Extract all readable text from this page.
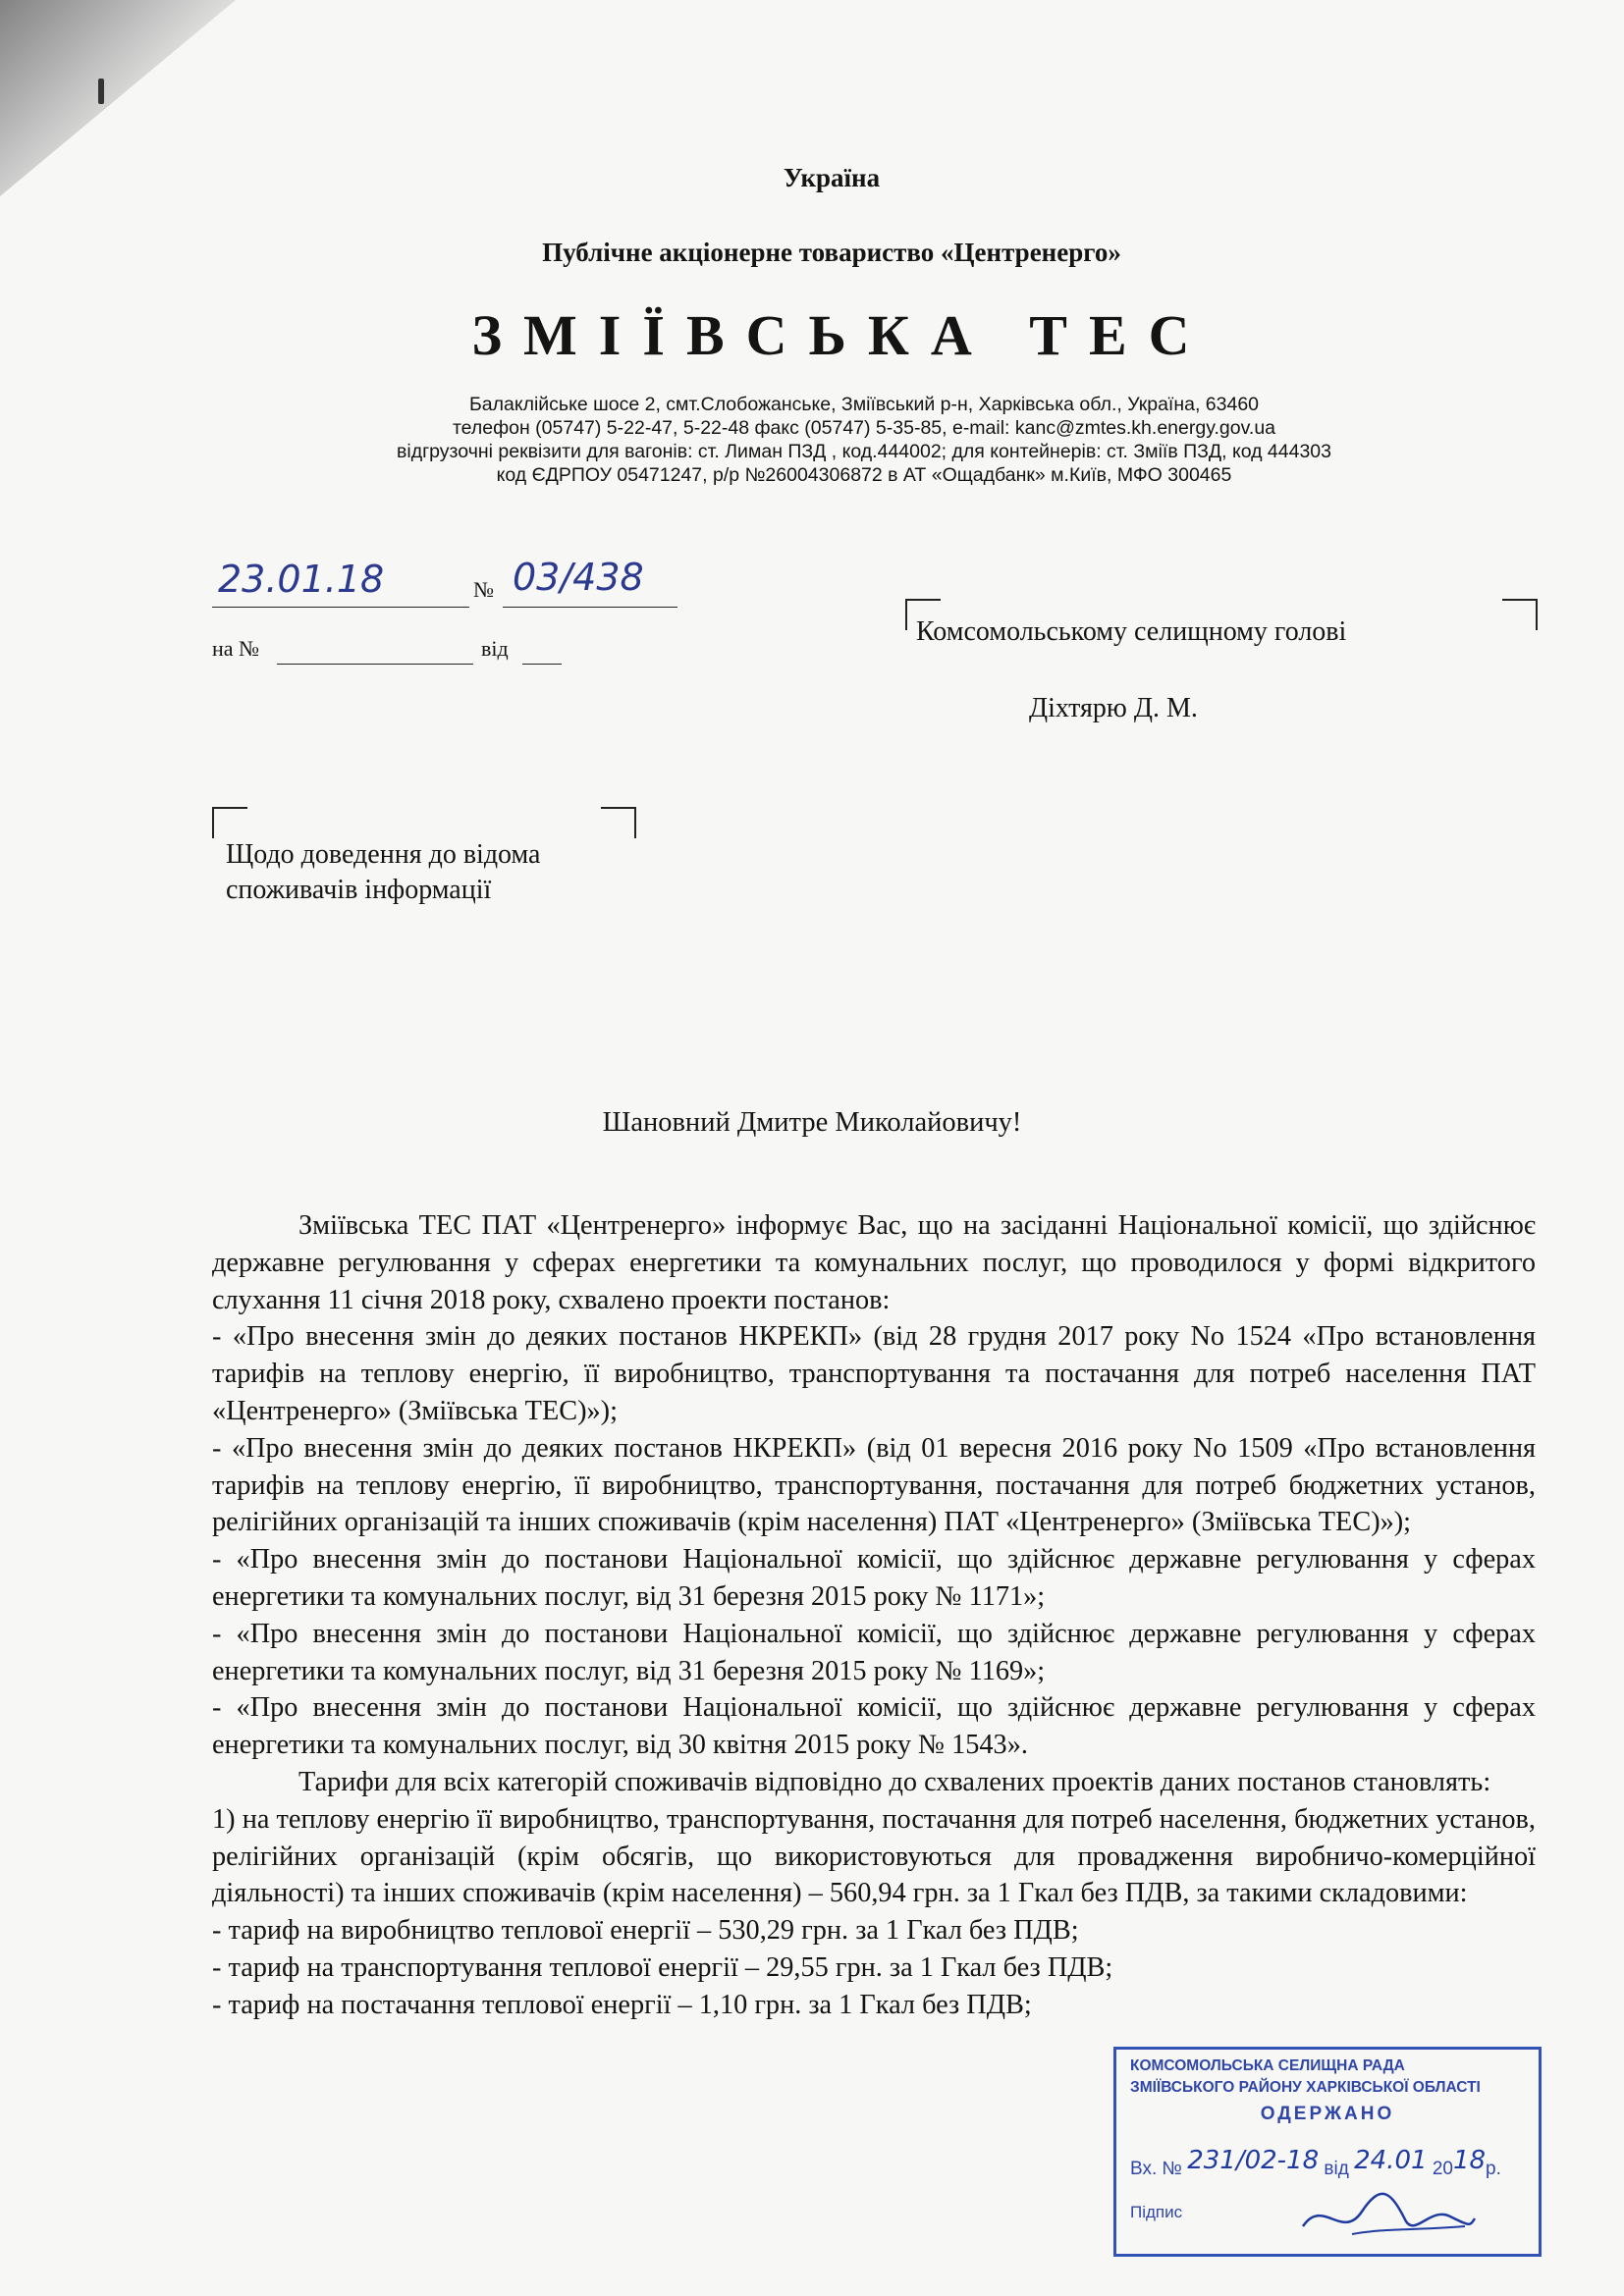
Україна
Публічне акціонерне товариство «Центренерго»
ЗМІЇВСЬКА ТЕС
Балаклійське шосе 2, смт.Слобожанське, Зміївський р-н, Харківська обл., Україна, 63460
телефон (05747) 5-22-47, 5-22-48 факс (05747) 5-35-85, e-mail: kanc@zmtes.kh.energy.gov.ua
відгрузочні реквізити для вагонів: ст. Лиман ПЗД , код.444002; для контейнерів: ст. Зміїв ПЗД, код 444303
код ЄДРПОУ 05471247, р/р №26004306872 в АТ «Ощадбанк» м.Київ, МФО 300465
23.01.18	№ 03/438
на №	від
Комсомольському селищному голові
Діхтярю Д. М.
Щодо доведення до відома
споживачів інформації
Шановний Дмитре Миколайовичу!

Зміївська ТЕС ПАТ «Центренерго» інформує Вас, що на засіданні Національної комісії, що здійснює державне регулювання у сферах енергетики та комунальних послуг, що проводилося у формі відкритого слухання 11 січня 2018 року, схвалено проекти постанов:

- «Про внесення змін до деяких постанов НКРЕКП» (від 28 грудня 2017 року No 1524 «Про встановлення тарифів на теплову енергію, її виробництво, транспортування та постачання для потреб населення ПАТ «Центренерго» (Зміївська ТЕС)»);

- «Про внесення змін до деяких постанов НКРЕКП» (від 01 вересня 2016 року No 1509 «Про встановлення тарифів на теплову енергію, її виробництво, транспортування, постачання для потреб бюджетних установ, релігійних організацій та інших споживачів (крім населення) ПАТ «Центренерго» (Зміївська ТЕС)»);

- «Про внесення змін до постанови Національної комісії, що здійснює державне регулювання у сферах енергетики та комунальних послуг, від 31 березня 2015 року № 1171»;

- «Про внесення змін до постанови Національної комісії, що здійснює державне регулювання у сферах енергетики та комунальних послуг, від 31 березня 2015 року № 1169»;

- «Про внесення змін до постанови Національної комісії, що здійснює державне регулювання у сферах енергетики та комунальних послуг, від 30 квітня 2015 року № 1543».

Тарифи для всіх категорій споживачів відповідно до схвалених проектів даних постанов становлять:

1) на теплову енергію її виробництво, транспортування, постачання для потреб населення, бюджетних установ, релігійних організацій (крім обсягів, що використовуються для провадження виробничо-комерційної діяльності) та інших споживачів (крім населення) – 560,94 грн. за 1 Гкал без ПДВ, за такими складовими:

- тариф на виробництво теплової енергії – 530,29 грн. за 1 Гкал без ПДВ;

- тариф на транспортування теплової енергії – 29,55 грн. за 1 Гкал без ПДВ;

- тариф на постачання теплової енергії – 1,10 грн. за 1 Гкал без ПДВ;

КОМСОМОЛЬСЬКА СЕЛИЩНА РАДА
ЗМІЇВСЬКОГО РАЙОНУ ХАРКІВСЬКОЇ ОБЛАСТІ
ОДЕРЖАНО
Вх. № 231/02-18 від 24.01 2018р.
Підпис
